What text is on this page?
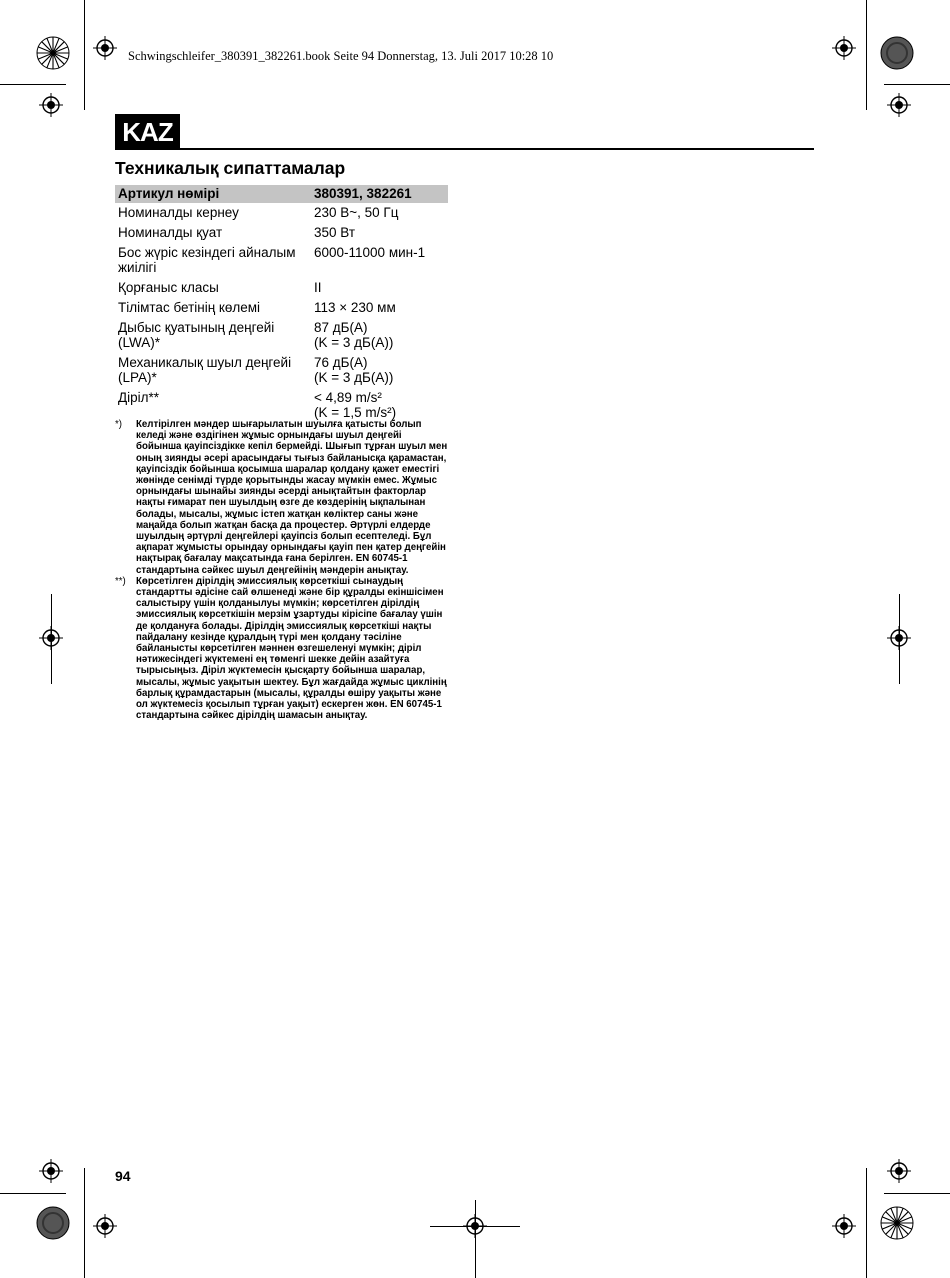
Schwingschleifer_380391_382261.book Seite 94 Donnerstag, 13. Juli 2017 10:28 10
KAZ
Техникалық сипаттамалар
Артикул нөмірі	380391, 382261
Номиналды кернеу	230 В~, 50 Гц
Номиналды қуат	350 Вт
Бос жүріс кезіндегі айналым жиілігі	6000-11000 мин-1
Қорғаныс класы	II
Тілімтас бетінің көлемі	113 × 230 мм
Дыбыс қуатының деңгейі (LWA)*	87 дБ(A)
(K = 3 дБ(A))
Механикалық шуыл деңгейі (LPA)*	76 дБ(A)
(K = 3 дБ(A))
Діріл**	< 4,89 m/s²
(K = 1,5 m/s²)
*)	Келтірілген мәндер шығарылатын шуылға қатысты болып келеді және өздігінен жұмыс орнындағы шуыл деңгейі бойынша қауіпсіздікке кепіл бермейді. Шығып тұрған шуыл мен оның зиянды әсері арасындағы тығыз байланысқа қарамастан, қауіпсіздік бойынша қосымша шаралар қолдану қажет еместігі жөнінде сенімді түрде қорытынды жасау мүмкін емес. Жұмыс орнындағы шынайы зиянды әсерді анықтайтын факторлар нақты ғимарат пен шуылдың өзге де көздерінің ықпалынан болады, мысалы, жұмыс істеп жатқан көліктер саны және маңайда болып жатқан басқа да процестер. Әртүрлі елдерде шуылдың әртүрлі деңгейлері қауіпсіз болып есептеледі. Бұл ақпарат жұмысты орындау орнындағы қауіп пен қатер деңгейін нақтырақ бағалау мақсатында ғана берілген. EN 60745-1 стандартына сәйкес шуыл деңгейінің мәндерін анықтау.
**)	Көрсетілген дірілдің эмиссиялық көрсеткіші сынаудың стандартты әдісіне сай өлшенеді және бір құралды екіншісімен салыстыру үшін қолданылуы мүмкін; көрсетілген дірілдің эмиссиялық көрсеткішін мерзім ұзартуды кірісіпе бағалау үшін де қолдануға болады. Дірілдің эмиссиялық көрсеткіші нақты пайдалану кезінде құралдың түрі мен қолдану тәсіліне байланысты көрсетілген мәннен өзгешеленуі мүмкін; діріл нәтижесіндегі жүктемені ең төменгі шекке дейін азайтуға тырысыңыз. Діріл жүктемесін қысқарту бойынша шаралар, мысалы, жұмыс уақытын шектеу. Бұл жағдайда жұмыс циклінің барлық құрамдастарын (мысалы, құралды өшіру уақыты және ол жүктемесіз қосылып тұрған уақыт) ескерген жөн. EN 60745-1 стандартына сәйкес дірілдің шамасын анықтау.
94
